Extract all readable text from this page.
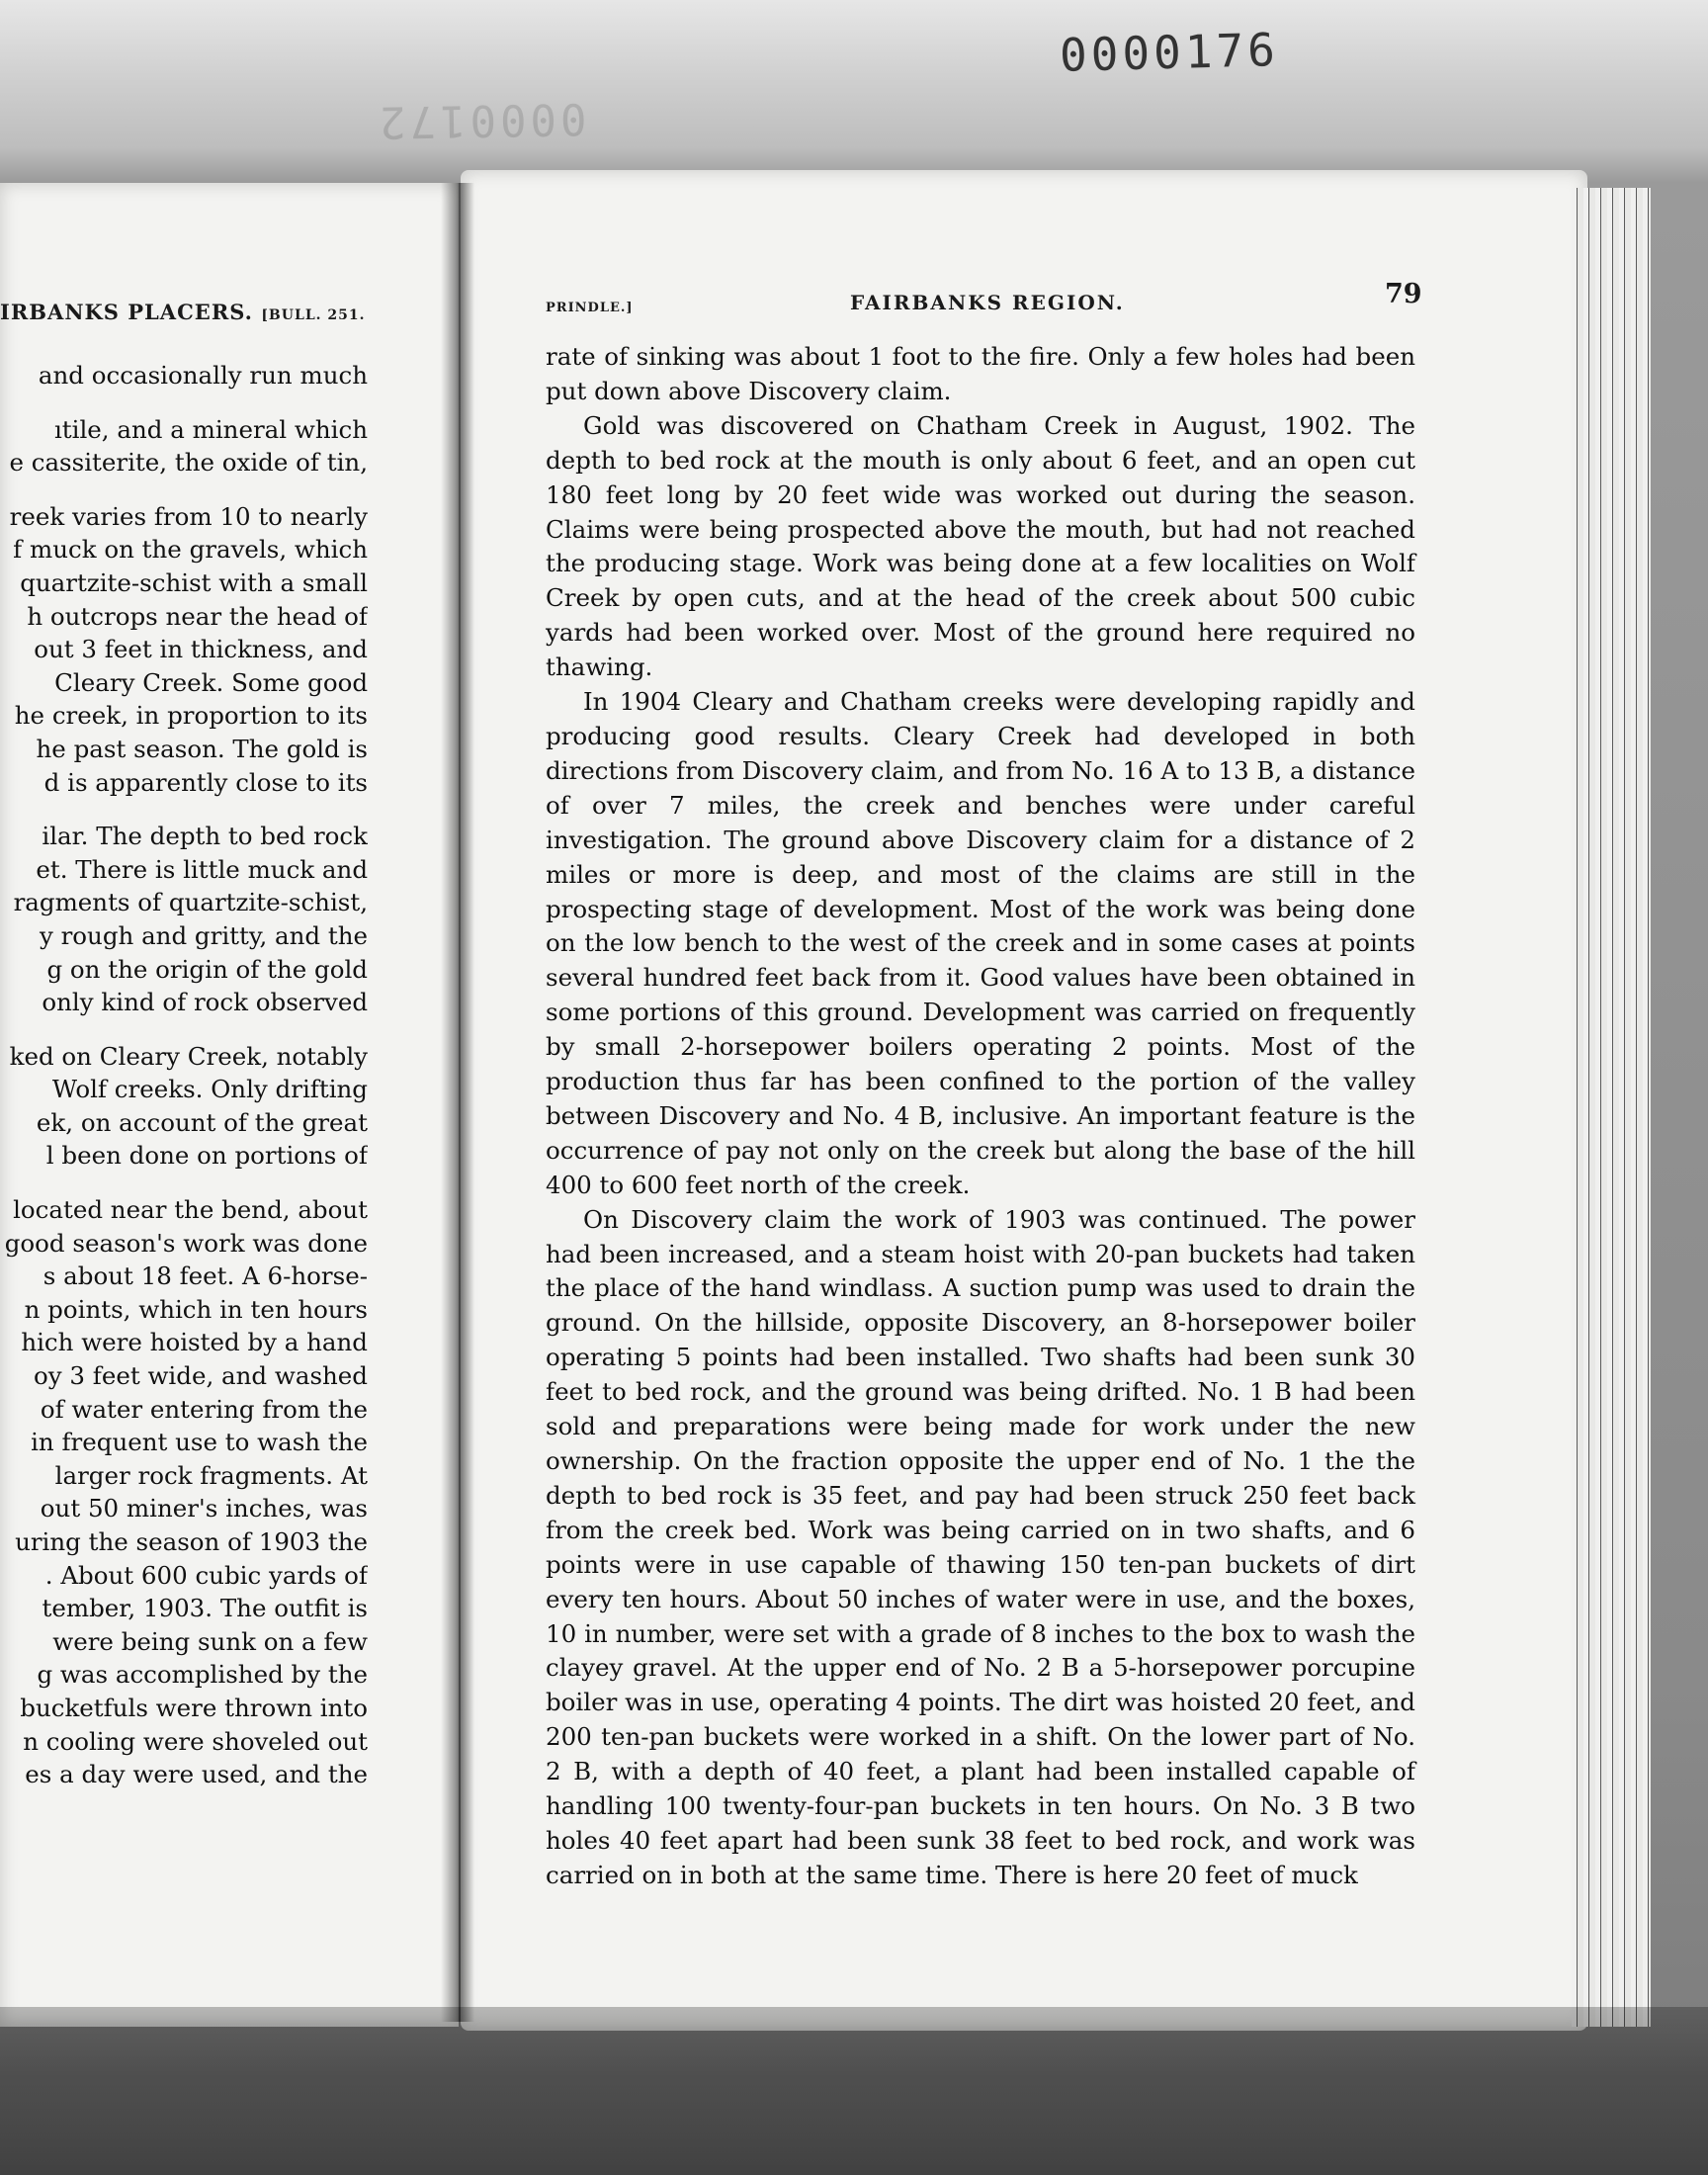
0000172
0000176
IRBANKS PLACERS. [BULL. 251.
and occasionally run much
ıtile, and a mineral which
e cassiterite, the oxide of tin,
reek varies from 10 to nearly
f muck on the gravels, which
quartzite-schist with a small
h outcrops near the head of
out 3 feet in thickness, and
Cleary Creek. Some good
he creek, in proportion to its
he past season. The gold is
d is apparently close to its
ilar. The depth to bed rock
et. There is little muck and
ragments of quartzite-schist,
y rough and gritty, and the
g on the origin of the gold
only kind of rock observed
ked on Cleary Creek, notably
Wolf creeks. Only drifting
ek, on account of the great
l been done on portions of
located near the bend, about
good season's work was done
s about 18 feet. A 6-horse-
n points, which in ten hours
hich were hoisted by a hand
oy 3 feet wide, and washed
of water entering from the
in frequent use to wash the
larger rock fragments. At
out 50 miner's inches, was
uring the season of 1903 the
. About 600 cubic yards of
tember, 1903. The outfit is
were being sunk on a few
g was accomplished by the
bucketfuls were thrown into
n cooling were shoveled out
es a day were used, and the
PRINDLE.]	FAIRBANKS REGION.	79

rate of sinking was about 1 foot to the fire. Only a few holes had been put down above Discovery claim.

Gold was discovered on Chatham Creek in August, 1902. The depth to bed rock at the mouth is only about 6 feet, and an open cut 180 feet long by 20 feet wide was worked out during the season. Claims were being prospected above the mouth, but had not reached the producing stage. Work was being done at a few localities on Wolf Creek by open cuts, and at the head of the creek about 500 cubic yards had been worked over. Most of the ground here required no thawing.

In 1904 Cleary and Chatham creeks were developing rapidly and producing good results. Cleary Creek had developed in both directions from Discovery claim, and from No. 16 A to 13 B, a distance of over 7 miles, the creek and benches were under careful investigation. The ground above Discovery claim for a distance of 2 miles or more is deep, and most of the claims are still in the prospecting stage of development. Most of the work was being done on the low bench to the west of the creek and in some cases at points several hundred feet back from it. Good values have been obtained in some portions of this ground. Development was carried on frequently by small 2-horsepower boilers operating 2 points. Most of the production thus far has been confined to the portion of the valley between Discovery and No. 4 B, inclusive. An important feature is the occurrence of pay not only on the creek but along the base of the hill 400 to 600 feet north of the creek.

On Discovery claim the work of 1903 was continued. The power had been increased, and a steam hoist with 20-pan buckets had taken the place of the hand windlass. A suction pump was used to drain the ground. On the hillside, opposite Discovery, an 8-horsepower boiler operating 5 points had been installed. Two shafts had been sunk 30 feet to bed rock, and the ground was being drifted. No. 1 B had been sold and preparations were being made for work under the new ownership. On the fraction opposite the upper end of No. 1 the the depth to bed rock is 35 feet, and pay had been struck 250 feet back from the creek bed. Work was being carried on in two shafts, and 6 points were in use capable of thawing 150 ten-pan buckets of dirt every ten hours. About 50 inches of water were in use, and the boxes, 10 in number, were set with a grade of 8 inches to the box to wash the clayey gravel. At the upper end of No. 2 B a 5-horsepower porcupine boiler was in use, operating 4 points. The dirt was hoisted 20 feet, and 200 ten-pan buckets were worked in a shift. On the lower part of No. 2 B, with a depth of 40 feet, a plant had been installed capable of handling 100 twenty-four-pan buckets in ten hours. On No. 3 B two holes 40 feet apart had been sunk 38 feet to bed rock, and work was carried on in both at the same time. There is here 20 feet of muck
